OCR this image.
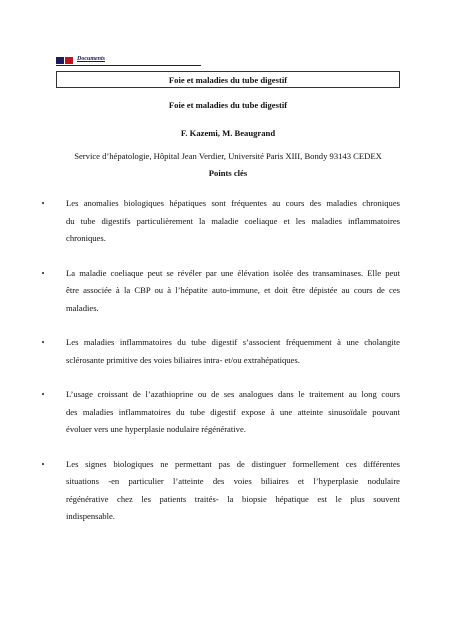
Documents
Foie et maladies du tube digestif
Foie et maladies du tube digestif
F. Kazemi, M. Beaugrand
Service d’hépatologie, Hôpital Jean Verdier, Université Paris XIII, Bondy 93143 CEDEX
Points clés
•	Les anomalies biologiques hépatiques sont fréquentes au cours des maladies chroniques
du tube digestifs particulièrement la maladie coeliaque et les maladies inflammatoires
chroniques.
•	La maladie coeliaque peut se révéler par une élévation isolée des transaminases. Elle peut
être associée à la CBP ou à l’hépatite auto-immune, et doit être dépistée au cours de ces
maladies.
•	Les maladies inflammatoires du tube digestif s’associent fréquemment à une cholangite
sclérosante primitive des voies biliaires intra- et/ou extrahépatiques.
•	L’usage croissant de l’azathioprine ou de ses analogues dans le traitement au long cours
des maladies inflammatoires du tube digestif expose à une atteinte sinusoïdale pouvant
évoluer vers une hyperplasie nodulaire régénérative.
•	Les signes biologiques ne permettant pas de distinguer formellement ces différentes
situations -en particulier l’atteinte des voies biliaires et l’hyperplasie nodulaire
régénérative chez les patients traités- la biopsie hépatique est le plus souvent
indispensable.
